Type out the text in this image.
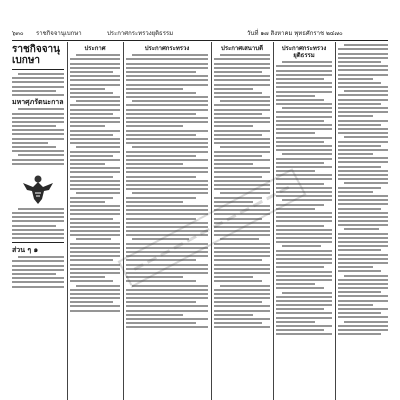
๖๓๐ ราชกิจจานุเบกษา	ประกาศกระทรวงยุติธรรม	วันที่ ๑๗ สิงหาคม พุทธศักราช ๒๔๗๐
ราชกิจจานุเบกษา
มหาศุภรัตนะกาล
ส่วน ๆ ๑
ประกาศ	ประกาศกระทรวง	ประกาศเสนาบดี	ประกาศกระทรวงยุติธรรม
